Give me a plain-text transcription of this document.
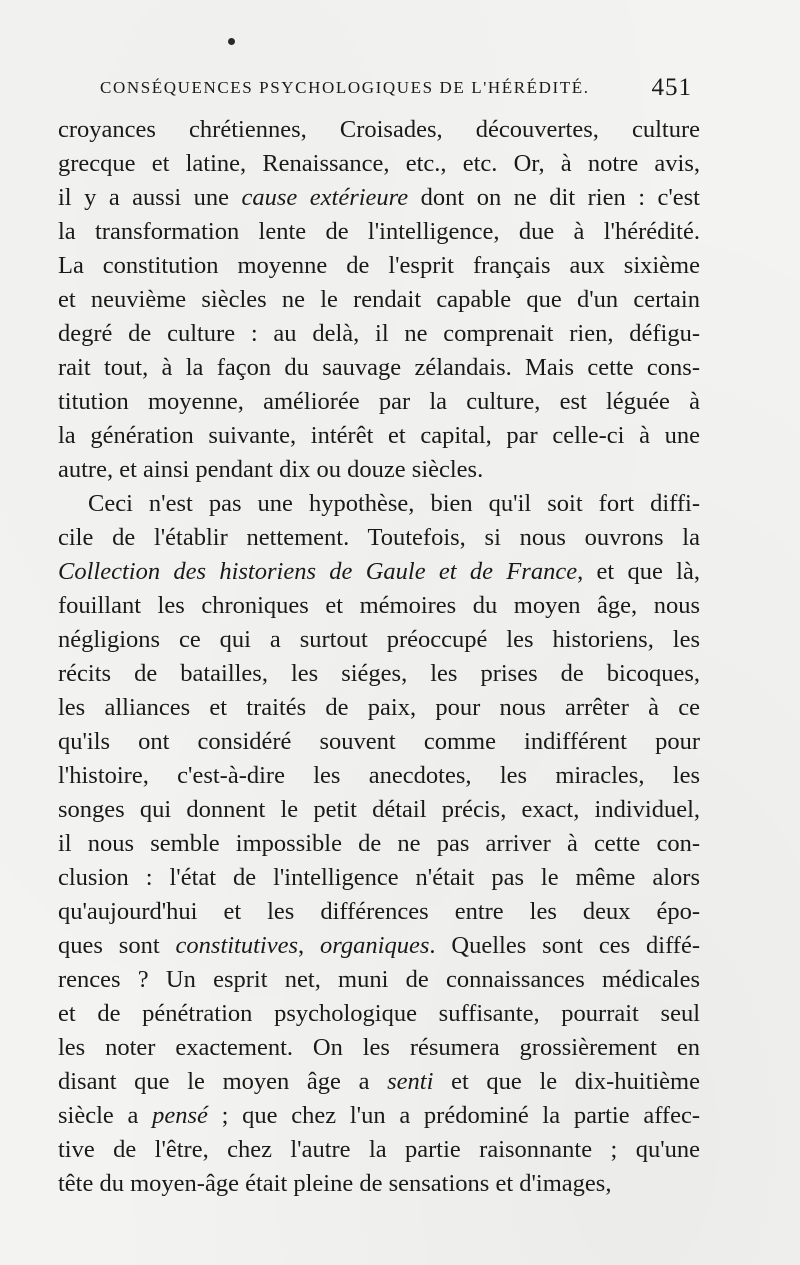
CONSÉQUENCES PSYCHOLOGIQUES DE L'HÉRÉDITÉ. 451
croyances chrétiennes, Croisades, découvertes, culture
grecque et latine, Renaissance, etc., etc. Or, à notre avis,
il y a aussi une cause extérieure dont on ne dit rien : c'est
la transformation lente de l'intelligence, due à l'hérédité.
La constitution moyenne de l'esprit français aux sixième
et neuvième siècles ne le rendait capable que d'un certain
degré de culture : au delà, il ne comprenait rien, défigu-
rait tout, à la façon du sauvage zélandais. Mais cette cons-
titution moyenne, améliorée par la culture, est léguée à
la génération suivante, intérêt et capital, par celle-ci à une
autre, et ainsi pendant dix ou douze siècles.
Ceci n'est pas une hypothèse, bien qu'il soit fort diffi-
cile de l'établir nettement. Toutefois, si nous ouvrons la
Collection des historiens de Gaule et de France, et que là,
fouillant les chroniques et mémoires du moyen âge, nous
négligions ce qui a surtout préoccupé les historiens, les
récits de batailles, les siéges, les prises de bicoques,
les alliances et traités de paix, pour nous arrêter à ce
qu'ils ont considéré souvent comme indifférent pour
l'histoire, c'est-à-dire les anecdotes, les miracles, les
songes qui donnent le petit détail précis, exact, individuel,
il nous semble impossible de ne pas arriver à cette con-
clusion : l'état de l'intelligence n'était pas le même alors
qu'aujourd'hui et les différences entre les deux épo-
ques sont constitutives, organiques. Quelles sont ces diffé-
rences ? Un esprit net, muni de connaissances médicales
et de pénétration psychologique suffisante, pourrait seul
les noter exactement. On les résumera grossièrement en
disant que le moyen âge a senti et que le dix-huitième
siècle a pensé ; que chez l'un a prédominé la partie affec-
tive de l'être, chez l'autre la partie raisonnante ; qu'une
tête du moyen-âge était pleine de sensations et d'images,
